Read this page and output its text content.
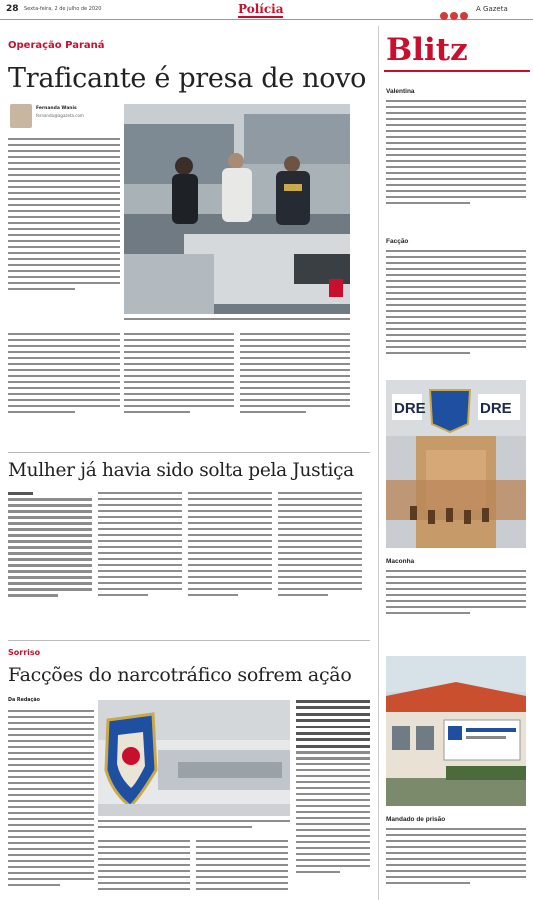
28 Sexta-feira, 2 de julho de 2020	Polícia	A Gazeta
Operação Paraná
Traficante é presa de novo
Fernanda Wanis
fernanda@agazeta.com
Mulher já havia sido solta pela Justiça
Sorriso
Facções do narcotráfico sofrem ação
Da Redação
Blitz
Valentina
Facção
DRE	DRE
Maconha
Mandado de prisão
